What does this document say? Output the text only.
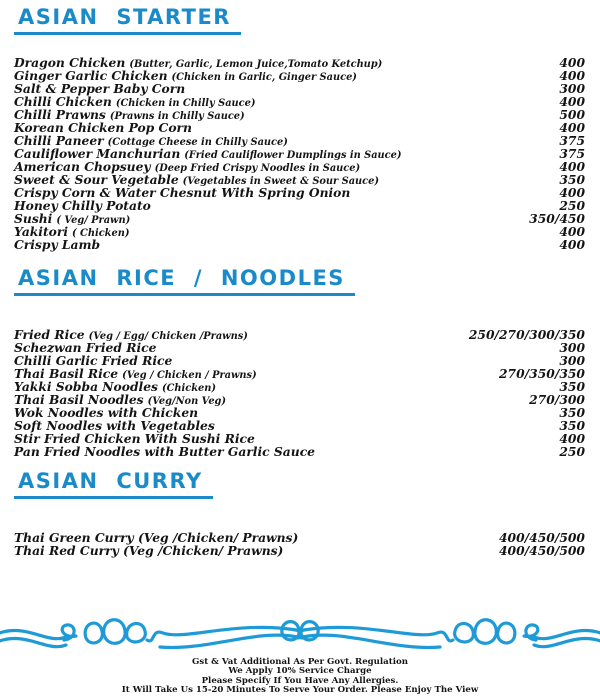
ASIAN STARTER
Dragon Chicken (Butter, Garlic, Lemon Juice,Tomato Ketchup)	400
Ginger Garlic Chicken (Chicken in Garlic, Ginger Sauce)	400
Salt & Pepper Baby Corn	300
Chilli Chicken (Chicken in Chilly Sauce)	400
Chilli Prawns (Prawns in Chilly Sauce)	500
Korean Chicken Pop Corn	400
Chilli Paneer (Cottage Cheese in Chilly Sauce)	375
Cauliflower Manchurian (Fried Cauliflower Dumplings in Sauce)	375
American Chopsuey (Deep Fried Crispy Noodles in Sauce)	400
Sweet & Sour Vegetable (Vegetables in Sweet & Sour Sauce)	350
Crispy Corn & Water Chesnut With Spring Onion	400
Honey Chilly Potato	250
Sushi ( Veg/ Prawn)	350/450
Yakitori ( Chicken)	400
Crispy Lamb	400
ASIAN RICE / NOODLES
Fried Rice (Veg / Egg/ Chicken /Prawns)	250/270/300/350
Schezwan Fried Rice	300
Chilli Garlic Fried Rice	300
Thai Basil Rice (Veg / Chicken / Prawns)	270/350/350
Yakki Sobba Noodles (Chicken)	350
Thai Basil Noodles (Veg/Non Veg)	270/300
Wok Noodles with Chicken	350
Soft Noodles with Vegetables	350
Stir Fried Chicken With Sushi Rice	400
Pan Fried Noodles with Butter Garlic Sauce	250
ASIAN CURRY
Thai Green Curry (Veg /Chicken/ Prawns)	400/450/500
Thai Red Curry (Veg /Chicken/ Prawns)	400/450/500
Gst & Vat Additional As Per Govt. Regulation
We Apply 10% Service Charge
Please Specify If You Have Any Allergies.
It Will Take Us 15-20 Minutes To Serve Your Order. Please Enjoy The View
